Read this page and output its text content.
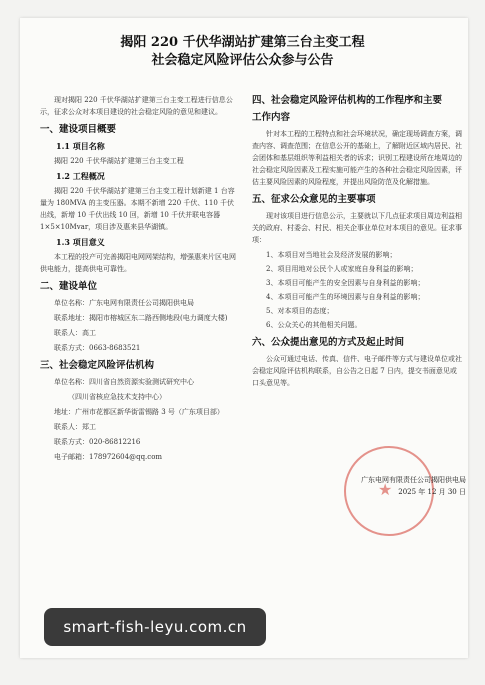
揭阳 220 千伏华湖站扩建第三台主变工程
社会稳定风险评估公众参与公告
现对揭阳 220 千伏华湖站扩建第三台主变工程进行信息公示，征求公众对本项目建设的社会稳定风险的意见和建议。
一、建设项目概要
1.1 项目名称
揭阳 220 千伏华湖站扩建第三台主变工程
1.2 工程概况
揭阳 220 千伏华湖站扩建第三台主变工程计划新建 1 台容量为 180MVA 的主变压器。本期不新增 220 千伏、110 千伏出线，新增 10 千伏出线 10 回，新增 10 千伏并联电容器 1×5×10Mvar，项目涉及惠来县华湖镇。
1.3 项目意义
本工程的投产可完善揭阳电网网架结构，增强惠来片区电网供电能力，提高供电可靠性。
二、建设单位
单位名称：广东电网有限责任公司揭阳供电局
联系地址：揭阳市榕城区东二路西侧地段(电力调度大楼)
联系人：高工
联系方式：0663-8683521
三、社会稳定风险评估机构
单位名称：四川省自然资源实验测试研究中心
（四川省核应急技术支持中心）
地址：广州市花都区新华街雷锡路 3 号（广东项目部）
联系人：郑工
联系方式：020-86812216
电子邮箱：178972604@qq.com
四、社会稳定风险评估机构的工作程序和主要
工作内容
针对本工程的工程特点和社会环境状况，确定现场调查方案，调查内容、调查范围；在信息公开的基础上，了解附近区域内居民、社会团体和基层组织等利益相关者的诉求；识别工程建设所在地周边的社会稳定风险因素及工程实施可能产生的各种社会稳定风险因素，评估主要风险因素的风险程度，并提出风险防范及化解措施。
五、征求公众意见的主要事项
现对该项目进行信息公示，主要就以下几点征求项目周边利益相关的政府、村委会、村民、相关企事业单位对本项目的意见。征求事项：
1、本项目对当地社会及经济发展的影响；
2、项目用地对公民个人或家庭自身利益的影响；
3、本项目可能产生的安全因素与自身利益的影响；
4、本项目可能产生的环境因素与自身利益的影响；
5、对本项目的态度；
6、公众关心的其他相关问题。
六、公众提出意见的方式及起止时间
公众可通过电话、传真、信件、电子邮件等方式与建设单位或社会稳定风险评估机构联系，自公告之日起 7 日内，提交书面意见或口头意见等。
★
广东电网有限责任公司揭阳供电局
2025 年 12 月 30 日
smart-fish-leyu.com.cn
